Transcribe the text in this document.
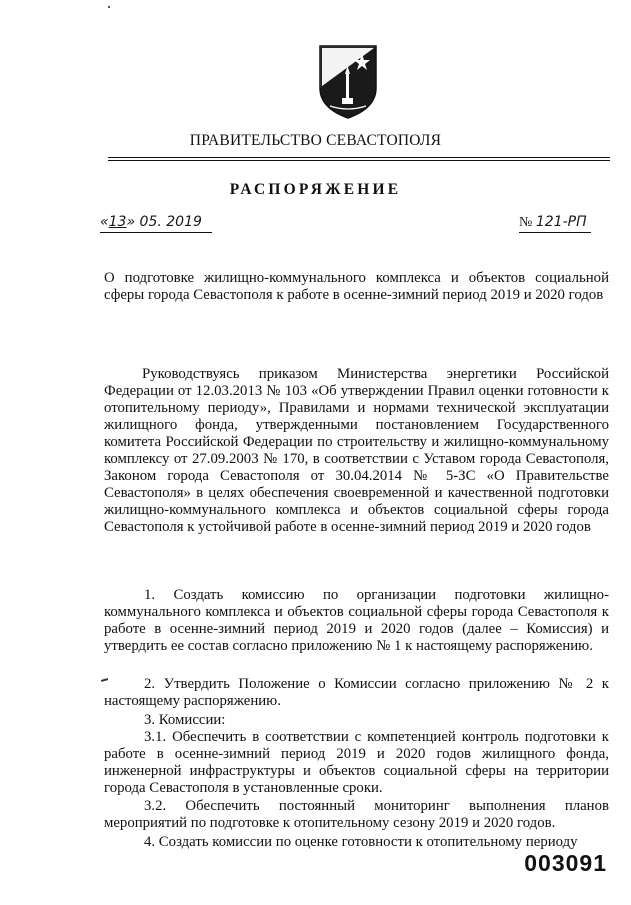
ПРАВИТЕЛЬСТВО СЕВАСТОПОЛЯ
РАСПОРЯЖЕНИЕ
«13» 05. 2019	№ 121-РП
О подготовке жилищно-коммунального комплекса и объектов социальной сферы города Севастополя к работе в осенне-зимний период 2019 и 2020 годов
Руководствуясь приказом Министерства энергетики Российской Федерации от 12.03.2013 № 103 «Об утверждении Правил оценки готовности к отопительному периоду», Правилами и нормами технической эксплуатации жилищного фонда, утвержденными постановлением Государственного комитета Российской Федерации по строительству и жилищно-коммунальному комплексу от 27.09.2003 № 170, в соответствии с Уставом города Севастополя, Законом города Севастополя от 30.04.2014 № 5-ЗС «О Правительстве Севастополя» в целях обеспечения своевременной и качественной подготовки жилищно-коммунального комплекса и объектов социальной сферы города Севастополя к устойчивой работе в осенне-зимний период 2019 и 2020 годов
1. Создать комиссию по организации подготовки жилищно-коммунального комплекса и объектов социальной сферы города Севастополя к работе в осенне-зимний период 2019 и 2020 годов (далее – Комиссия) и утвердить ее состав согласно приложению № 1 к настоящему распоряжению.
2. Утвердить Положение о Комиссии согласно приложению № 2 к настоящему распоряжению.
3. Комиссии:
3.1. Обеспечить в соответствии с компетенцией контроль подготовки к работе в осенне-зимний период 2019 и 2020 годов жилищного фонда, инженерной инфраструктуры и объектов социальной сферы на территории города Севастополя в установленные сроки.
3.2. Обеспечить постоянный мониторинг выполнения планов мероприятий по подготовке к отопительному сезону 2019 и 2020 годов.
4. Создать комиссии по оценке готовности к отопительному периоду
003091
